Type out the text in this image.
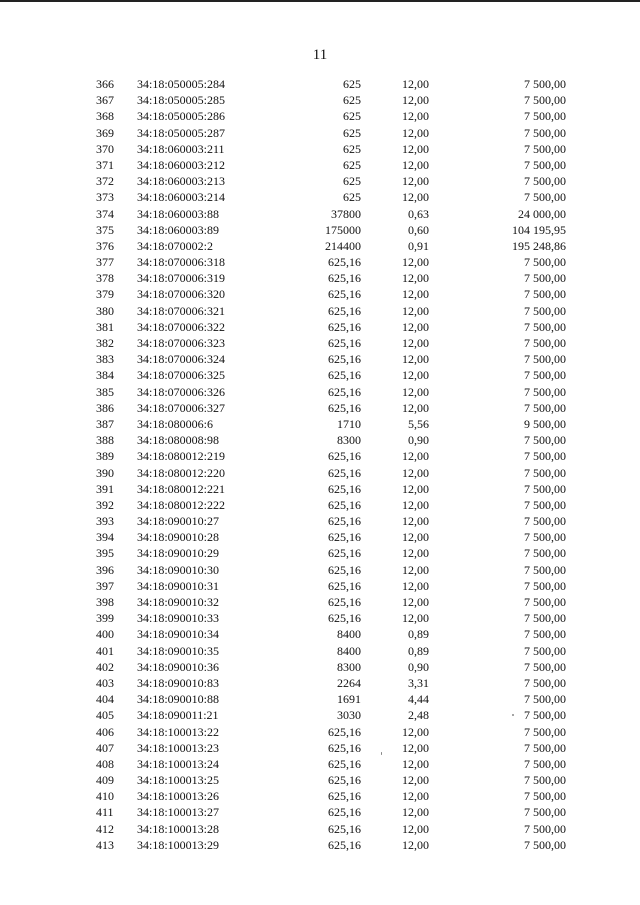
11
366 34:18:050005:284	625	12,00	7 500,00
367 34:18:050005:285	625	12,00	7 500,00
368 34:18:050005:286	625	12,00	7 500,00
369 34:18:050005:287	625	12,00	7 500,00
370 34:18:060003:211	625	12,00	7 500,00
371 34:18:060003:212	625	12,00	7 500,00
372 34:18:060003:213	625	12,00	7 500,00
373 34:18:060003:214	625	12,00	7 500,00
374 34:18:060003:88	37800	0,63	24 000,00
375 34:18:060003:89	175000	0,60	104 195,95
376 34:18:070002:2	214400	0,91	195 248,86
377 34:18:070006:318	625,16	12,00	7 500,00
378 34:18:070006:319	625,16	12,00	7 500,00
379 34:18:070006:320	625,16	12,00	7 500,00
380 34:18:070006:321	625,16	12,00	7 500,00
381 34:18:070006:322	625,16	12,00	7 500,00
382 34:18:070006:323	625,16	12,00	7 500,00
383 34:18:070006:324	625,16	12,00	7 500,00
384 34:18:070006:325	625,16	12,00	7 500,00
385 34:18:070006:326	625,16	12,00	7 500,00
386 34:18:070006:327	625,16	12,00	7 500,00
387 34:18:080006:6	1710	5,56	9 500,00
388 34:18:080008:98	8300	0,90	7 500,00
389 34:18:080012:219	625,16	12,00	7 500,00
390 34:18:080012:220	625,16	12,00	7 500,00
391 34:18:080012:221	625,16	12,00	7 500,00
392 34:18:080012:222	625,16	12,00	7 500,00
393 34:18:090010:27	625,16	12,00	7 500,00
394 34:18:090010:28	625,16	12,00	7 500,00
395 34:18:090010:29	625,16	12,00	7 500,00
396 34:18:090010:30	625,16	12,00	7 500,00
397 34:18:090010:31	625,16	12,00	7 500,00
398 34:18:090010:32	625,16	12,00	7 500,00
399 34:18:090010:33	625,16	12,00	7 500,00
400 34:18:090010:34	8400	0,89	7 500,00
401 34:18:090010:35	8400	0,89	7 500,00
402 34:18:090010:36	8300	0,90	7 500,00
403 34:18:090010:83	2264	3,31	7 500,00
404 34:18:090010:88	1691	4,44	7 500,00
405 34:18:090011:21	3030	2,48	7 500,00
406 34:18:100013:22	625,16	12,00	7 500,00
407 34:18:100013:23	625,16	12,00	7 500,00
408 34:18:100013:24	625,16	12,00	7 500,00
409 34:18:100013:25	625,16	12,00	7 500,00
410 34:18:100013:26	625,16	12,00	7 500,00
411 34:18:100013:27	625,16	12,00	7 500,00
412 34:18:100013:28	625,16	12,00	7 500,00
413 34:18:100013:29	625,16	12,00	7 500,00
